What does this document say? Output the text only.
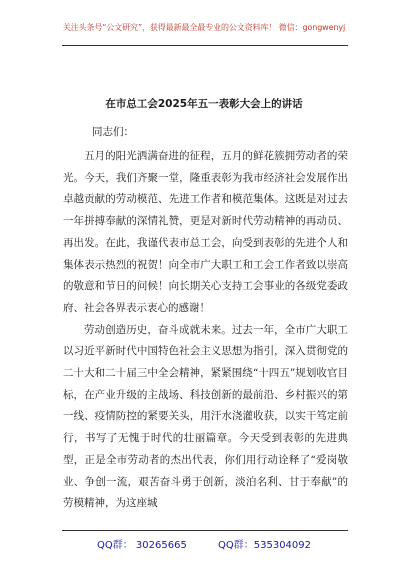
关注头条号“公文研究”，获得最新最全最专业的公文资料库！ 微信：gongwenyj
在市总工会2025年五一表彰大会上的讲话
同志们：

五月的阳光洒满奋进的征程，五月的鲜花簇拥劳动者的荣光。今天，我们齐聚一堂，隆重表彰为我市经济社会发展作出卓越贡献的劳动模范、先进工作者和模范集体。这既是对过去一年拼搏奉献的深情礼赞，更是对新时代劳动精神的再动员、再出发。在此，我谨代表市总工会，向受到表彰的先进个人和集体表示热烈的祝贺！向全市广大职工和工会工作者致以崇高的敬意和节日的问候！向长期关心支持工会事业的各级党委政府、社会各界表示衷心的感谢！

劳动创造历史，奋斗成就未来。过去一年，全市广大职工以习近平新时代中国特色社会主义思想为指引，深入贯彻党的二十大和二十届三中全会精神，紧紧围绕“十四五”规划收官目标，在产业升级的主战场、科技创新的最前沿、乡村振兴的第一线、疫情防控的紧要关头，用汗水浇灌收获，以实干笃定前行，书写了无愧于时代的壮丽篇章。今天受到表彰的先进典型，正是全市劳动者的杰出代表，你们用行动诠释了“爱岗敬业、争创一流，艰苦奋斗勇于创新，淡泊名利、甘于奉献”的劳模精神，为这座城

QQ群： 30265665	QQ群：535304092
